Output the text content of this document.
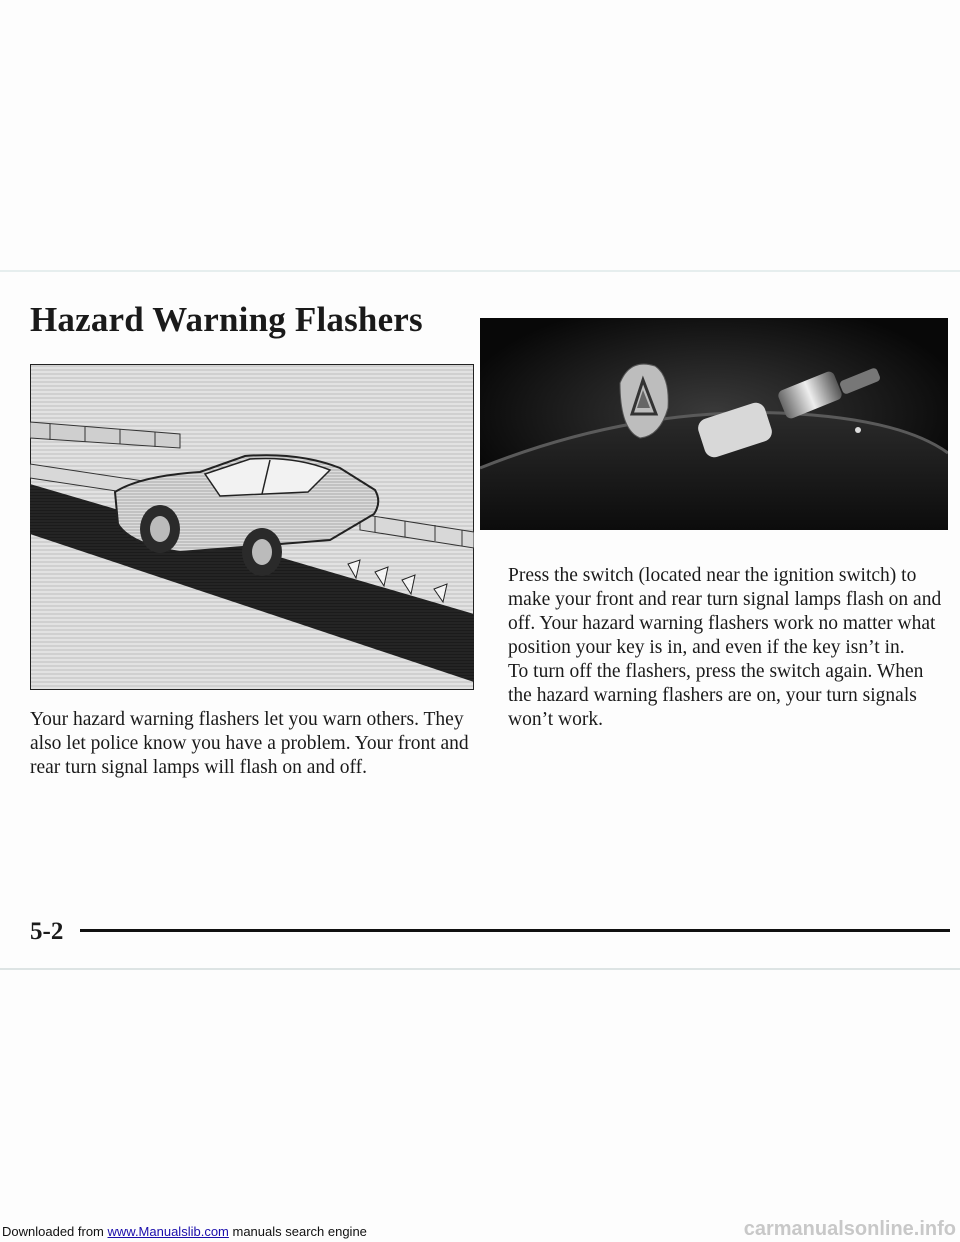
Hazard Warning Flashers

Your hazard warning flashers let you warn others. They also let police know you have a problem. Your front and rear turn signal lamps will flash on and off.

Press the switch (located near the ignition switch) to make your front and rear turn signal lamps flash on and off. Your hazard warning flashers work no matter what position your key is in, and even if the key isn’t in.

To turn off the flashers, press the switch again. When the hazard warning flashers are on, your turn signals won’t work.

5-2
Downloaded from www.Manualslib.com manuals search engine	carmanualsonline.info
